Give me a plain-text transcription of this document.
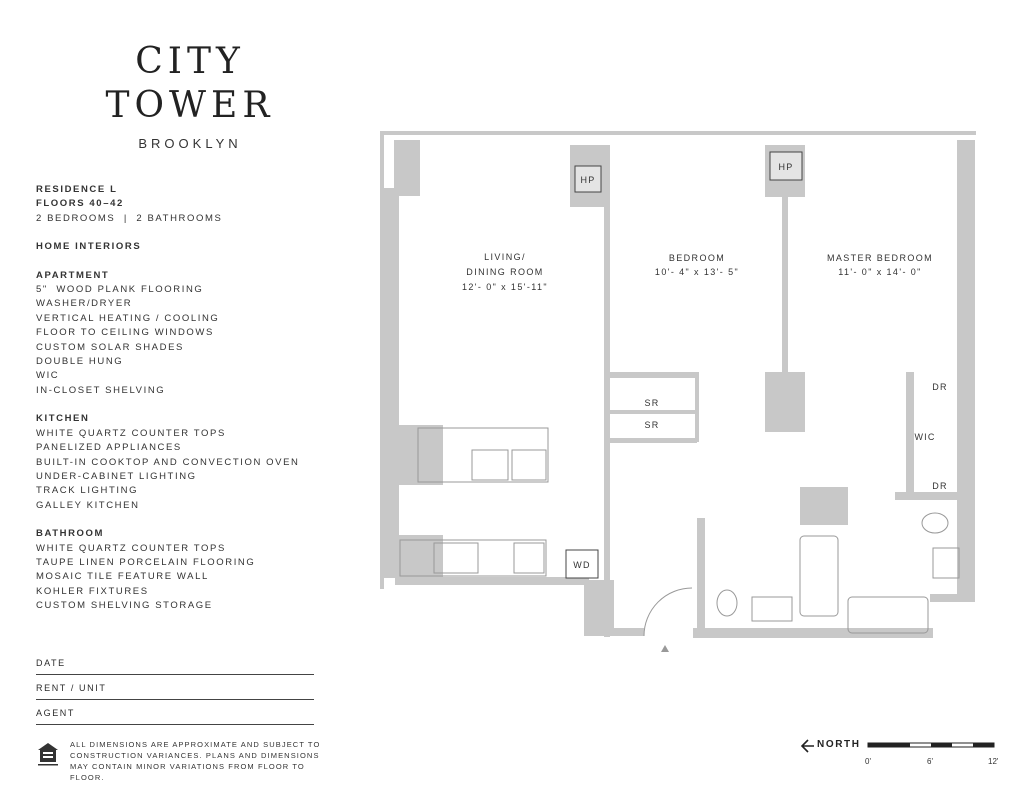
CITY
TOWER
BROOKLYN
RESIDENCE L
FLOORS 40–42
2 BEDROOMS  |  2 BATHROOMS
HOME INTERIORS
APARTMENT
5"  WOOD PLANK FLOORING
WASHER/DRYER
VERTICAL HEATING / COOLING
FLOOR TO CEILING WINDOWS
CUSTOM SOLAR SHADES
DOUBLE HUNG
WIC
IN-CLOSET SHELVING
KITCHEN
WHITE QUARTZ COUNTER TOPS
PANELIZED APPLIANCES
BUILT-IN COOKTOP AND CONVECTION OVEN
UNDER-CABINET LIGHTING
TRACK LIGHTING
GALLEY KITCHEN
BATHROOM
WHITE QUARTZ COUNTER TOPS
TAUPE LINEN PORCELAIN FLOORING
MOSAIC TILE FEATURE WALL
KOHLER FIXTURES
CUSTOM SHELVING STORAGE
DATE
RENT / UNIT
AGENT
ALL DIMENSIONS ARE APPROXIMATE AND SUBJECT TO CONSTRUCTION VARIANCES. PLANS AND DIMENSIONS MAY CONTAIN MINOR VARIATIONS FROM FLOOR TO FLOOR.
LIVING/
DINING ROOM
12'- 0" x 15'-11"
BEDROOM
10'- 4" x 13'- 5"
MASTER BEDROOM
11'- 0" x 14'- 0"
HP
HP
SR
SR
DR
WIC
DR
WD
NORTH
0'	6'	12'
